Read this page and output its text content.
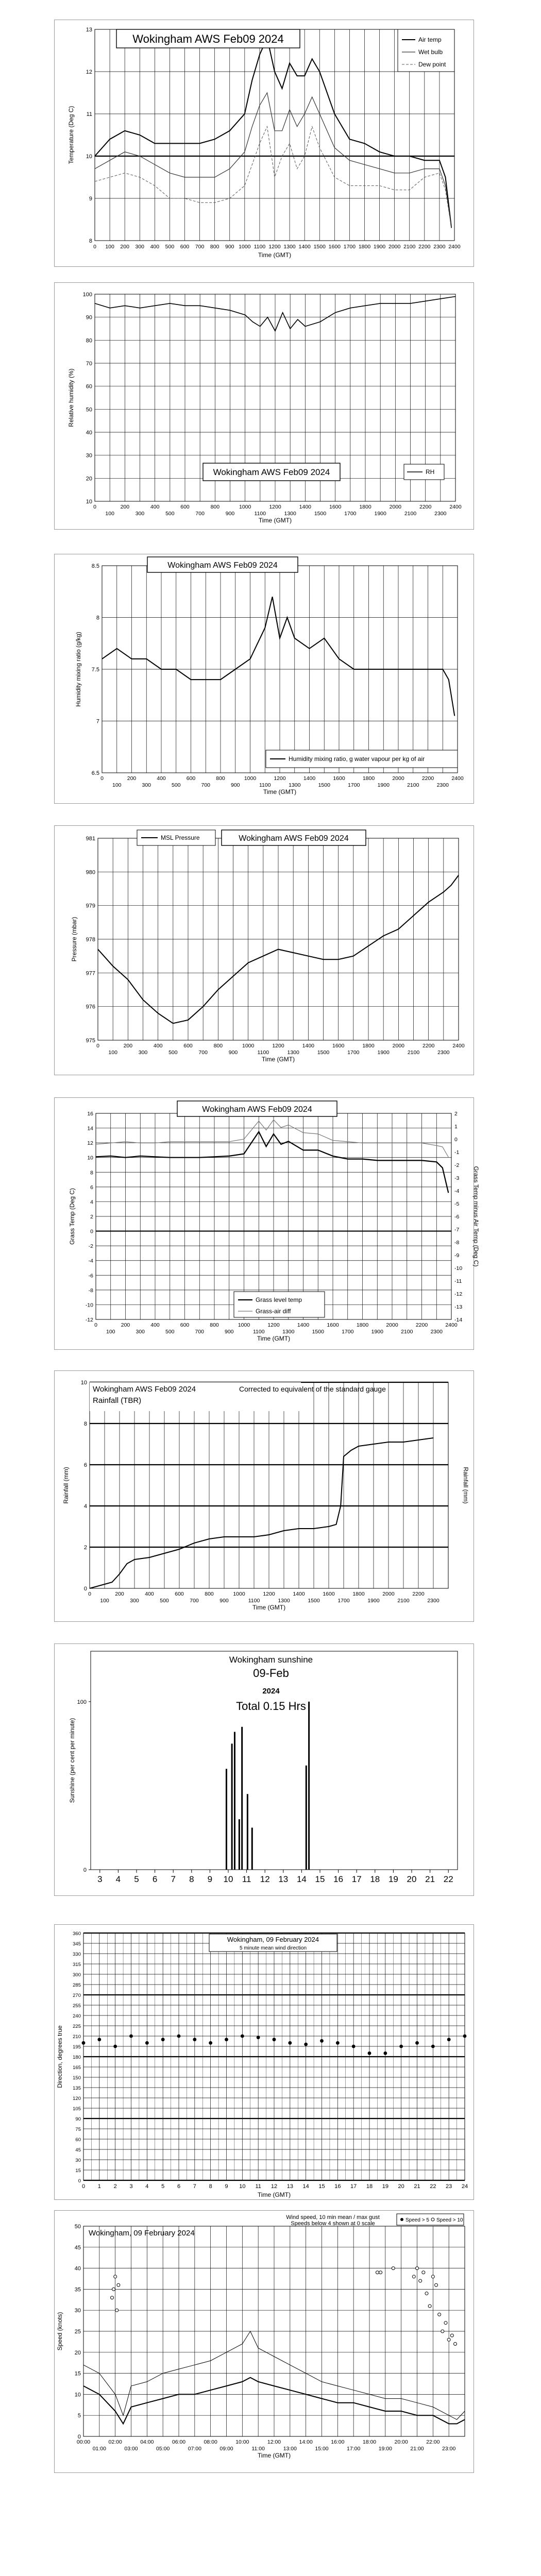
8
9
10
11
12
13
0 100 200 300 400 500 600 700 800 900 1000 1100 1200 1300 1400 1500 1600 1700 1800 1900 2000 2100 2200 2300 2400
Time (GMT)
Temperature (Deg C)
Wokingham AWS Feb09 2024	Air temp
Wet bulb
Dew point
10
20
30
40
50
60
70
80
90
100
0	200	400	600	800	1000	1200	1400	1600	1800	2000	2200	2400
100	300	500	700	900	1100	1300	1500	1700	1900	2100	2300
Time (GMT)
Relative humidity (%)
Wokingham AWS Feb09 2024	RH
6.5
7
7.5
8
8.5
0	200	400	600	800	1000	1200	1400	1600	1800	2000	2200	2400
100	300	500	700	900	1100	1300	1500	1700	1900	2100	2300
Time (GMT)
Humidity mixing ratio (g/kg)
Wokingham AWS Feb09 2024
Humidity mixing ratio, g water vapour per kg of air
975
976
977
978
979
980
981
0	200	400	600	800	1000	1200	1400	1600	1800	2000	2200	2400
100	300	500	700	900	1100	1300	1500	1700	1900	2100	2300
Time (GMT)
Pressure (mbar)
MSL Pressure	Wokingham AWS Feb09 2024
-12
-10
-8
-6
-4
-2
0
2
4
6
8
10
12
14
16
0	200	400	600	800	1000	1200	1400	1600	1800	2000	2200	2400
100	300	500	700	900	1100	1300	1500	1700	1900	2100	2300
Time (GMT)
Grass Temp (Deg C)
-14
-13
-12
-11
-10
-9
-8
-7
-6
-5
-4
-3
-2
-1
0
1
2
Grass Temp minus Air Temp (Deg C)
Wokingham AWS Feb09 2024
Grass level temp
Grass-air diff
0
2
4
6
8
10
0	200	400	600	800	1000	1200	1400	1600	1800	2000	2200
100	300	500	700	900	1100	1300	1500	1700	1900	2100	2300
Time (GMT)
Rainfall (mm)
Wokingham AWS Feb09 2024
Rainfall (TBR)
Corrected to equivalent of the standard gauge
Rainfall (mm)
0
100
3 4 5 6 7 8 9 10 11 12 13 14 15 16 17 18 19 20 21 22
Sunshine (per cent per minute)
Wokingham sunshine
09-Feb
2024
Total 0.15 Hrs
0
15
30
45
60
75
90
105
120
135
150
165
180
195
210
225
240
255
270
285
300
315
330
345
360
0 1 2 3 4 5 6 7 8 9 10 11 12 13 14 15 16 17 18 19 20 21 22 23 24
Time (GMT)
Direction, degrees true
Wokingham, 09 February 2024
5 minute mean wind direction
0
5
10
15
20
25
30
35
40
45
50
00:00	02:00	04:00	06:00	08:00	10:00	12:00	14:00	16:00	18:00	20:00	22:00
01:00	03:00	05:00	07:00	09:00	11:00	13:00	15:00	17:00	19:00	21:00	23:00
Time (GMT)
Speed (knots)
Wokingham, 09 February 2024
Wind speed, 10 min mean / max gust
Speeds below 4 shown at 0 scale
Speed > 5 Speed > 10
